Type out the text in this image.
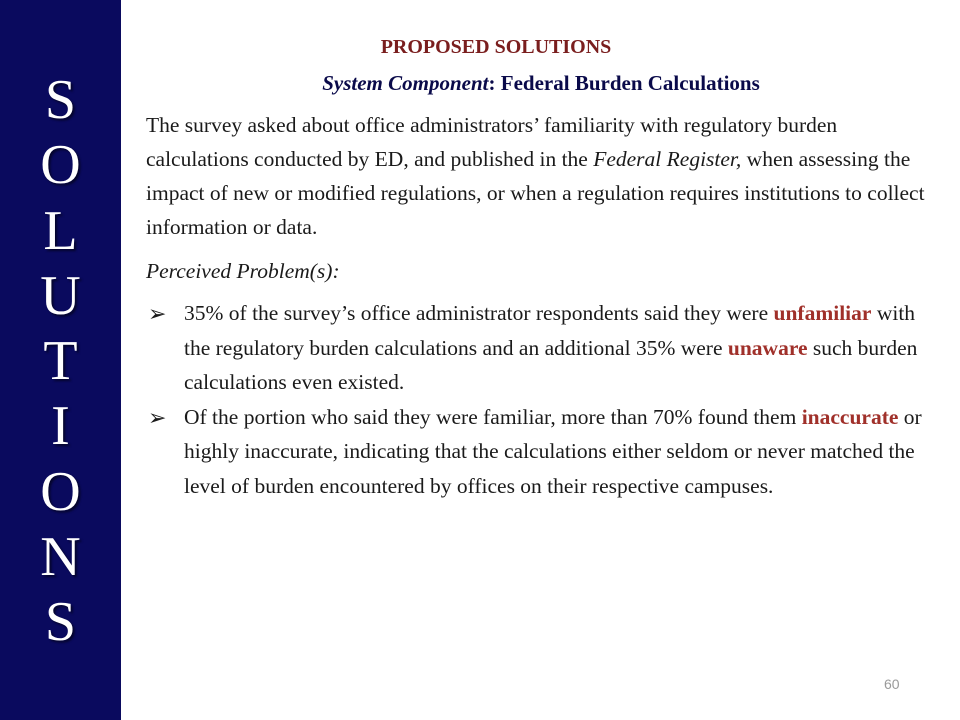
S
O
L
U
T
I
O
N
S
PROPOSED SOLUTIONS
System Component: Federal Burden Calculations

The survey asked about office administrators’ familiarity with regulatory burden calculations conducted by ED, and published in the Federal Register, when assessing the impact of new or modified regulations, or when a regulation requires institutions to collect information or data.

Perceived Problem(s):

➢ 35% of the survey’s office administrator respondents said they were unfamiliar with the regulatory burden calculations and an additional 35% were unaware such burden calculations even existed.
➢ Of the portion who said they were familiar, more than 70% found them inaccurate or highly inaccurate, indicating that the calculations either seldom or never matched the level of burden encountered by offices on their respective campuses.
60
